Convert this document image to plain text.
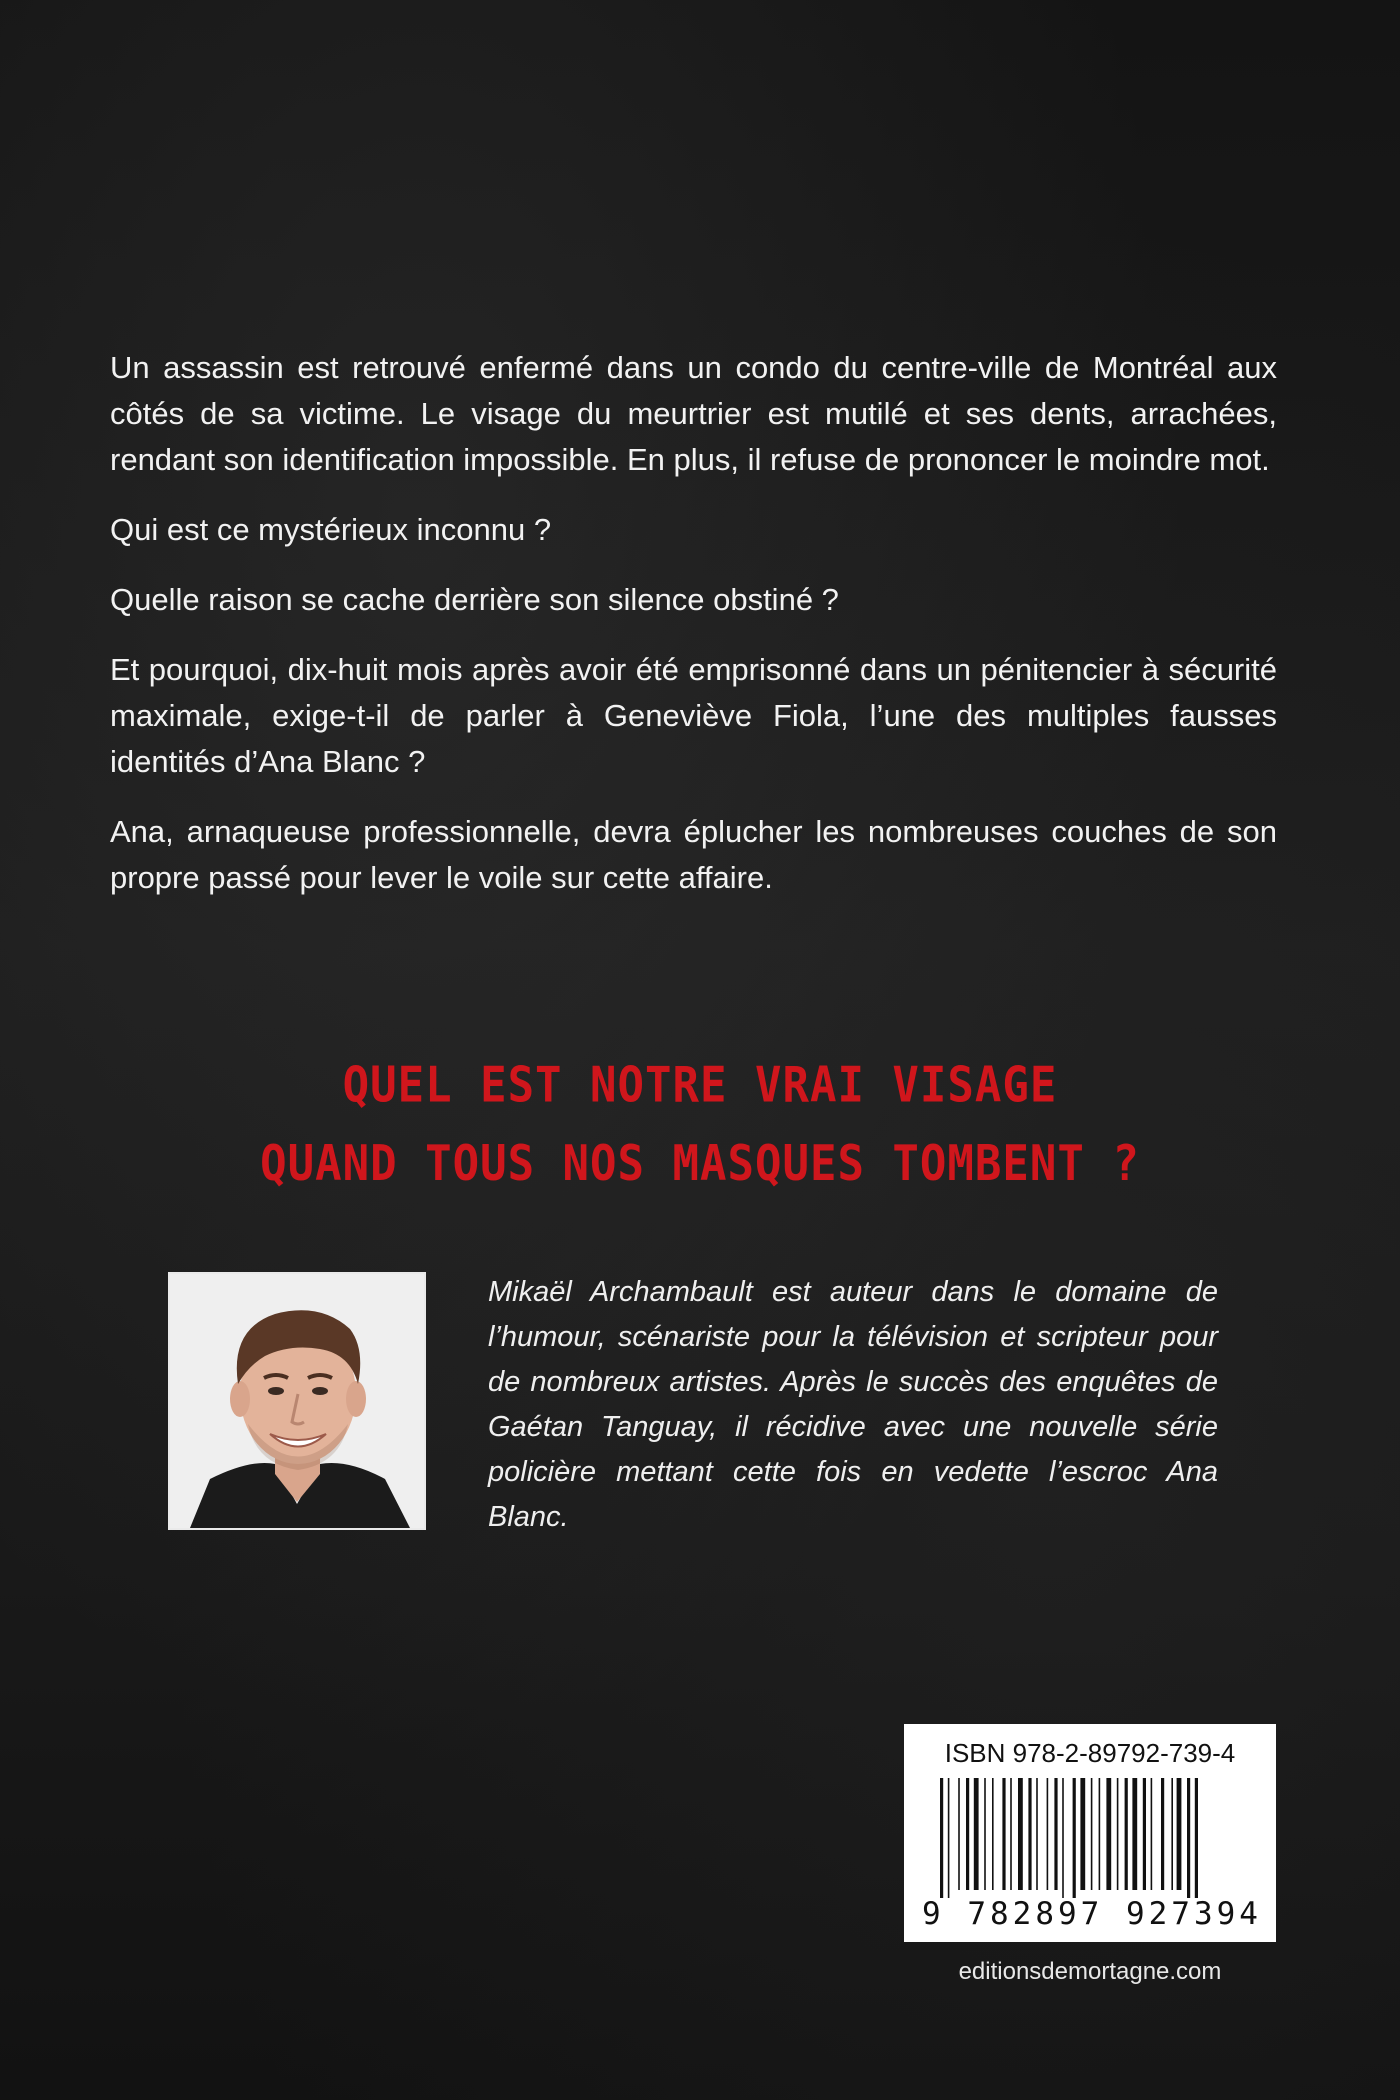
Un assassin est retrouvé enfermé dans un condo du centre-ville de Montréal aux côtés de sa victime. Le visage du meurtrier est mutilé et ses dents, arrachées, rendant son identification impossible. En plus, il refuse de prononcer le moindre mot.

Qui est ce mystérieux inconnu ?

Quelle raison se cache derrière son silence obstiné ?

Et pourquoi, dix-huit mois après avoir été emprisonné dans un pénitencier à sécurité maximale, exige-t-il de parler à Geneviève Fiola, l’une des multiples fausses identités d’Ana Blanc ?

Ana, arnaqueuse professionnelle, devra éplucher les nombreuses couches de son propre passé pour lever le voile sur cette affaire.

QUEL EST NOTRE VRAI VISAGE
QUAND TOUS NOS MASQUES TOMBENT ?
Mikaël Archambault est auteur dans le domaine de l’humour, scénariste pour la télévision et scripteur pour de nombreux artistes. Après le succès des enquêtes de Gaétan Tanguay, il récidive avec une nouvelle série policière mettant cette fois en vedette l’escroc Ana Blanc.
ISBN 978-2-89792-739-4
9 782897 927394
editionsdemortagne.com
